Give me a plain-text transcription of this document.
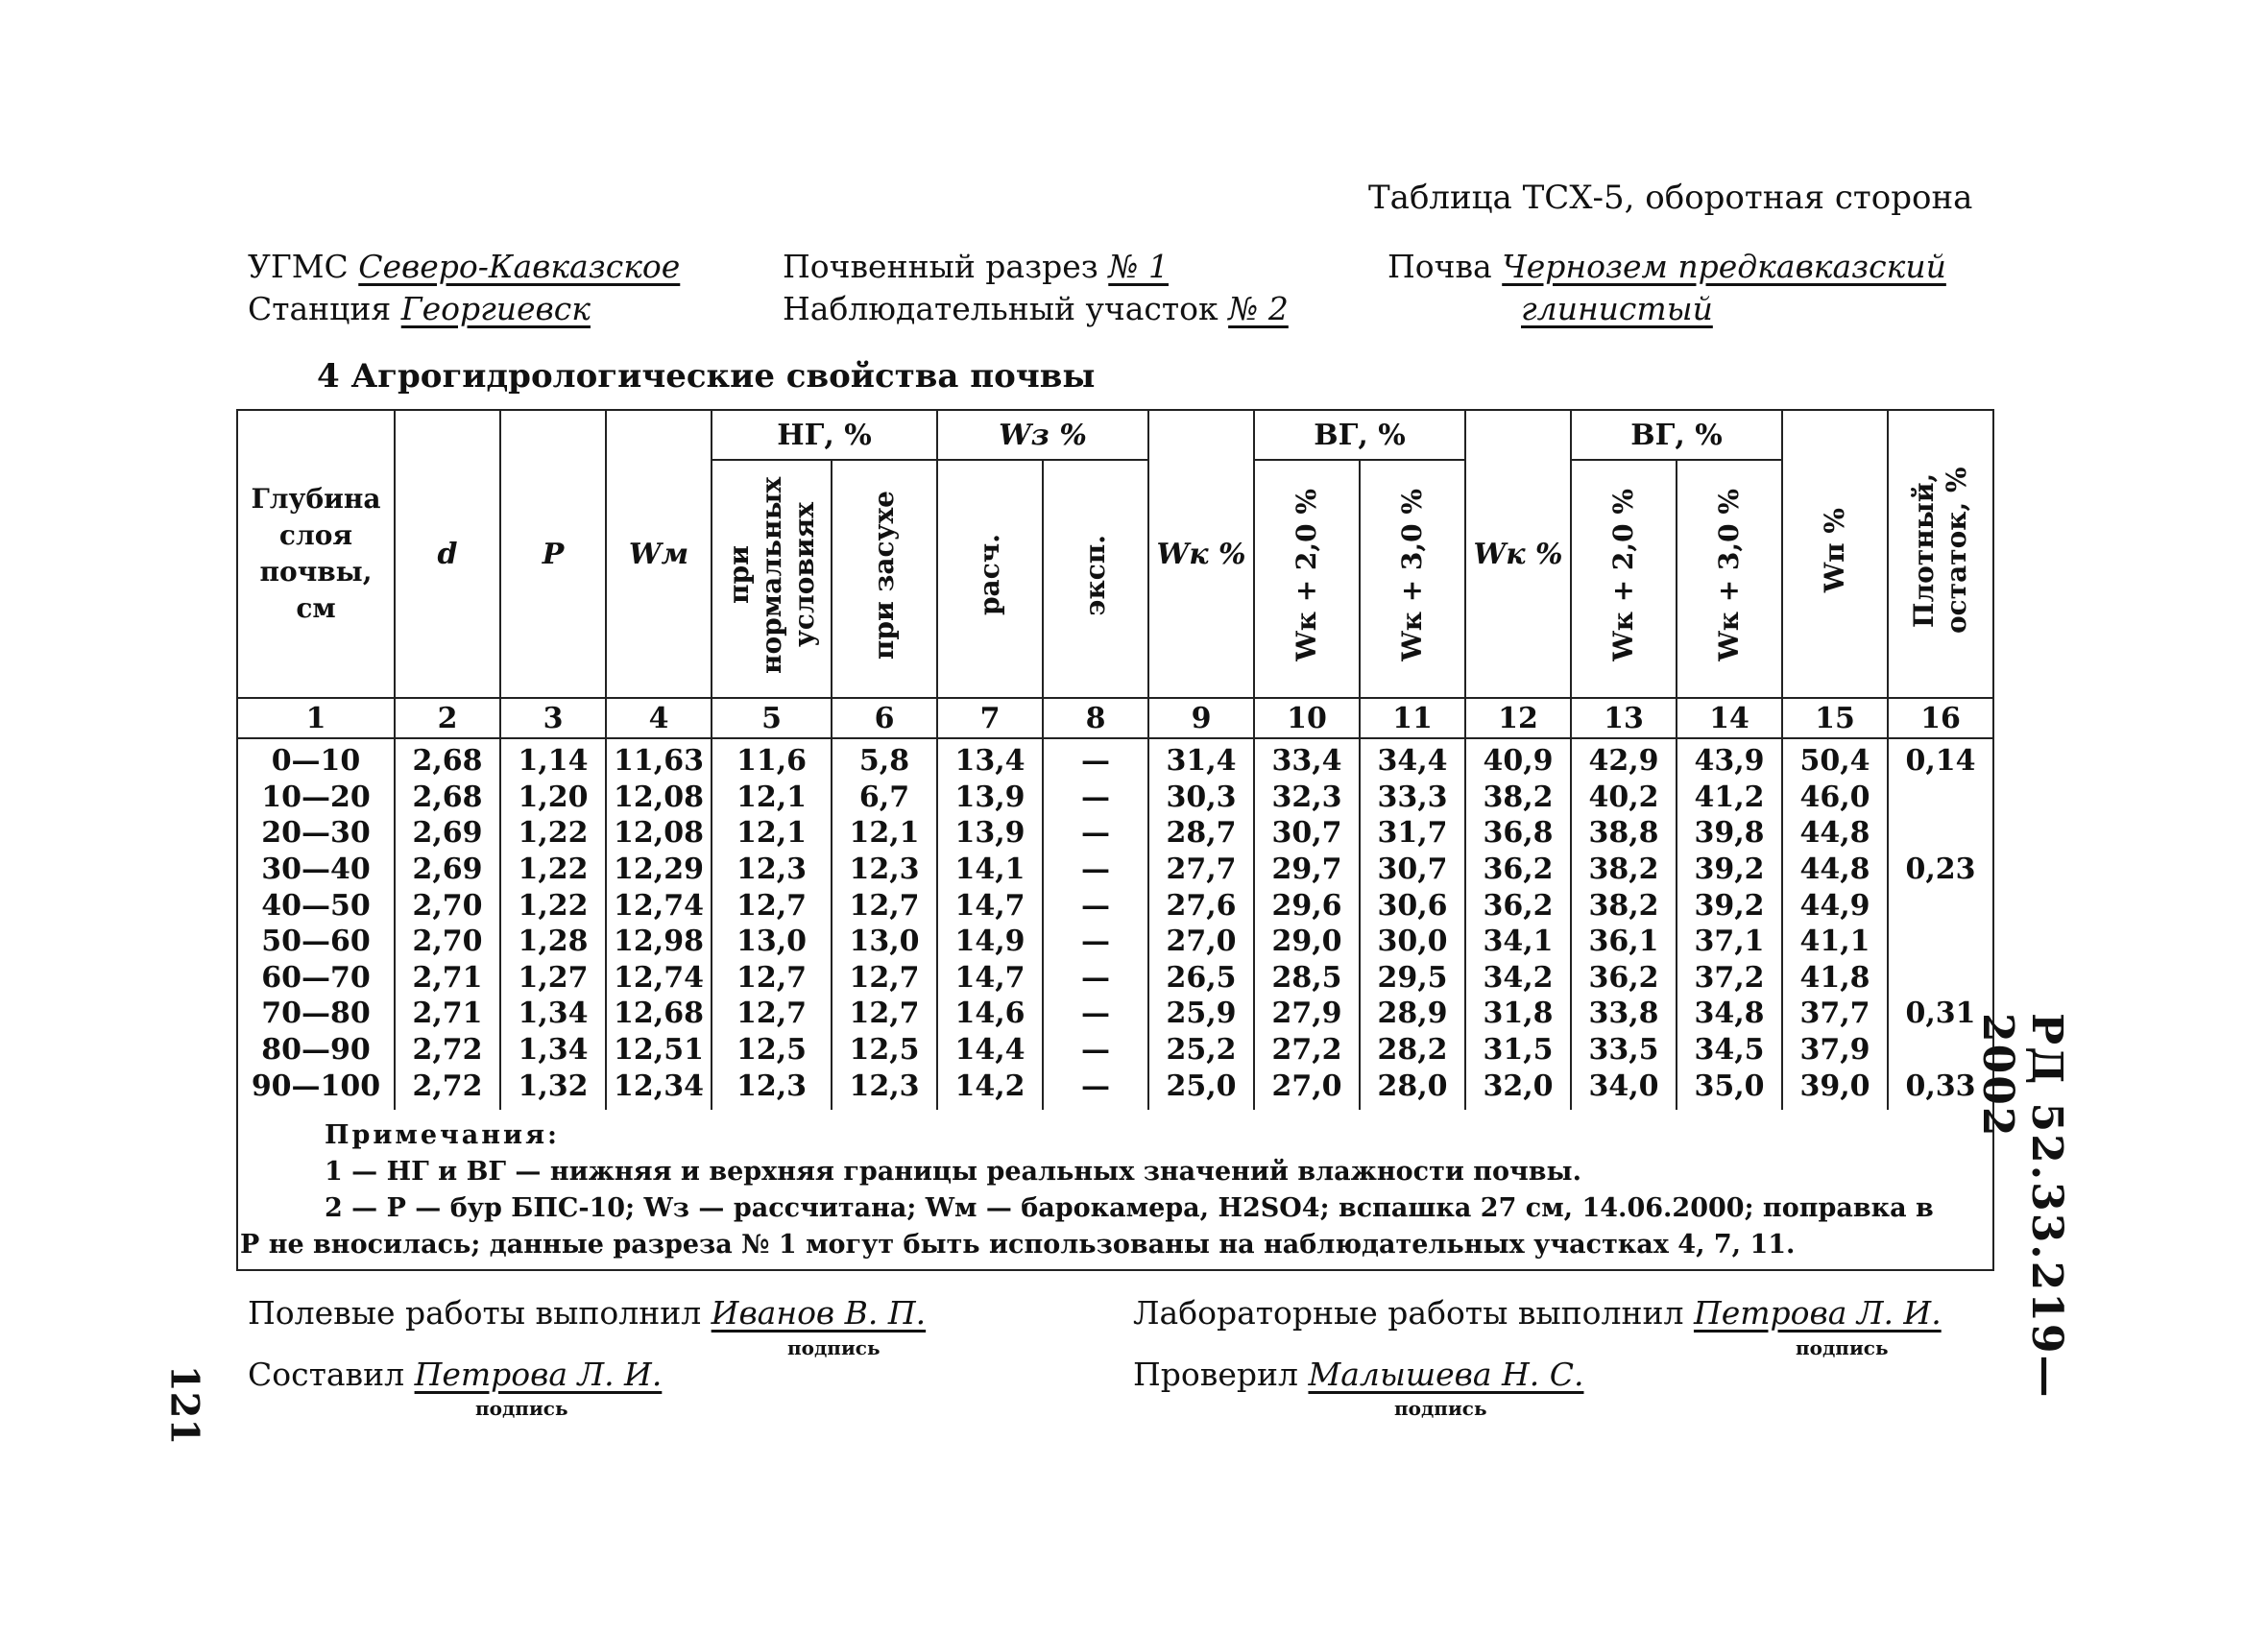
Таблица ТСХ-5, оборотная сторона
УГМС Северо-Кавказское
Станция Георгиевск
Почвенный разрез № 1
Наблюдательный участок № 2
Почва Чернозем предкавказский
глинистый
4 Агрогидрологические свойства почвы
Глубина слоя почвы, см	d	P	Wм	НГ, %		Wз %		Wк %	ВГ, %		Wк %	ВГ, %		Wп %	Плотный, остаток, %
				при нормальных условиях	при засухе	расч.	эксп.		Wк + 2,0 %	Wк + 3,0 %		Wк + 2,0 %	Wк + 3,0 %		
1	2	3	4	5	6	7	8	9	10	11	12	13	14	15	16
0—10	2,68	1,14	11,63	11,6	5,8	13,4	—	31,4	33,4	34,4	40,9	42,9	43,9	50,4	0,14
10—20	2,68	1,20	12,08	12,1	6,7	13,9	—	30,3	32,3	33,3	38,2	40,2	41,2	46,0	
20—30	2,69	1,22	12,08	12,1	12,1	13,9	—	28,7	30,7	31,7	36,8	38,8	39,8	44,8	
30—40	2,69	1,22	12,29	12,3	12,3	14,1	—	27,7	29,7	30,7	36,2	38,2	39,2	44,8	0,23
40—50	2,70	1,22	12,74	12,7	12,7	14,7	—	27,6	29,6	30,6	36,2	38,2	39,2	44,9	
50—60	2,70	1,28	12,98	13,0	13,0	14,9	—	27,0	29,0	30,0	34,1	36,1	37,1	41,1	
60—70	2,71	1,27	12,74	12,7	12,7	14,7	—	26,5	28,5	29,5	34,2	36,2	37,2	41,8	
70—80	2,71	1,34	12,68	12,7	12,7	14,6	—	25,9	27,9	28,9	31,8	33,8	34,8	37,7	0,31
80—90	2,72	1,34	12,51	12,5	12,5	14,4	—	25,2	27,2	28,2	31,5	33,5	34,5	37,9	
90—100	2,72	1,32	12,34	12,3	12,3	14,2	—	25,0	27,0	28,0	32,0	34,0	35,0	39,0	0,33

Примечания:
1 — НГ и ВГ — нижняя и верхняя границы реальных значений влажности почвы.
2 — P — бур БПС-10; Wз — рассчитана; Wм — барокамера, H2SO4; вспашка 27 см, 14.06.2000; поправка в
P не вносилась; данные разреза № 1 могут быть использованы на наблюдательных участках 4, 7, 11.															
Полевые работы выполнил Иванов В. П.
подпись
Лабораторные работы выполнил Петрова Л. И.
подпись
Составил Петрова Л. И.
подпись
Проверил Малышева Н. С.
подпись
121
РД 52.33.219—2002
